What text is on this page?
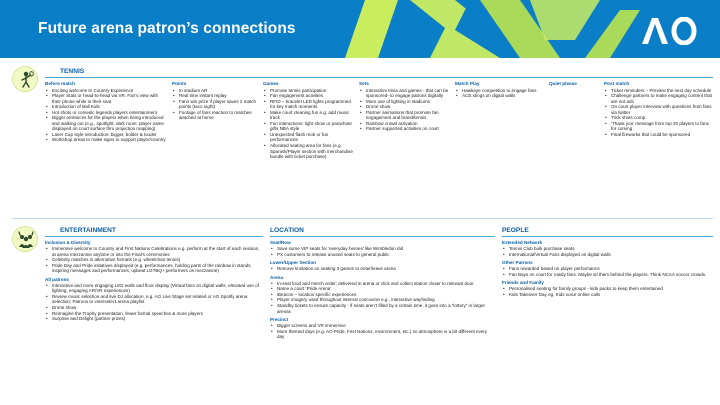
Future arena patron’s connections
TENNIS
Before match
• Exciting welcome to Country Experience
• Player Stats or head-to-head via VR. Fan’s view with their phone while in their seat
• Introduction of Ball Kids
• Hot shots or comedic legends players entertainment
• Bigger entrances for the players when being introduced and walking out (e.g., spotlight, dark room; player name displayed on court surface thru projection mapping)
• Laver Cup style introduction: bigger, bolder & louder
• Workshop areas to make signs to support player/country
Points
• In stadium AR
• Real time instant replay
• Fans win prize if player saves 2 match points (taco night)
• Footage of fans reaction to matches watched at home
Games
• Promote tennis participation
• Fan engagement activities
• RFID – bracelet LED lights programmed for key match moments
• Make court cleaning fun e.g. add music track
• Fun interactions: light show or parachute gifts NBA style
• Unexpected flash mob or fun performances
• Allocated seating area for fans (e.g. Spanish/Player section with merchandise bundle with ticket purchase)
Sets
• Interactive trivia and games - that can be sponsored- to engage patrons digitally
• More use of lighting in stadiums
• Drone show
• Partner animations that promote fan engagement and brand/tennis
• Rainbow crowd activation
• Partner supported activities on court
Match Play
• Hawkeye competition to engage fans
• ACE stings on digital walls
Quiet please	Post match
• Ticket reminders – Preview the next day schedule
• Challenge partners to make engaging content that are not ads
• On court player interview with questions from fans via twitter
• Trick shots comp.
• ‘Thank you’ message from top 20 players to fans for coming
• Final fireworks that could be sponsored
ENTERTAINMENT
Inclusion & Diversity
• Immersive welcome to Country and First Nations Celebrations e.g. perform at the start of each session, at arena mezzanine anytime or into the Final’s ceremonies
• Celebrity matches in alternative formats (e.g. wheelchair tennis)
• Pride Day and Pride initiatives displayed (e.g. performances, holding parts of the rainbow in stands, inspiring messages and performances; upbeat LGTBQ+ performers on mezzanine)
All patrons
• Interactive and more engaging LED walls and floor display (Virtual fans on digital walls, elevated use of lighting, engaging AR/VR experiences)
• Review music selection and live DJ allocation, e.g. AO Live Stage set related or AO Spotify arena selection; Patrons to vote/select arena playlist
• Drone show
• Reimagine the Trophy presentation, fewer formal speeches & more players
• Surprise and Delight (partner prizes)
LOCATION
Seat/Row
• Save some VIP seats for ‘everyday heroes’ like Wimbledon did
• PX customers to release unused seats to general public
Lower/Upper Section
• Remove limitation on seating 3 games to enter/leave arena
Arena
• In-seat food and merch order; delivered in arena or click and collect station closer to relevant door
• Name a court ‘Pride Arena’
• iBeacon – location specific experiences
• Player imagery used throughout internal concourse e.g., interactive wayfinding
• Standby tickets to ensure capacity - if seats aren’t filled by a certain time, it goes into a “lottery” in larger arenas
Precinct
• Bigger screens and VR immersive
• More themed days (e.g. AO Pride, First Nations, environment, etc.) so atmosphere is a bit different every day
PEOPLE
Extended Network
• Tennis Club bulk purchase seats
• International/Virtual Fans displayed on digital walls
Other Patrons
• Fans rewarded based on player performance
• Fan Bays on court for rowdy fans. Maybe sit them behind the players. Think NCAA soccer crowds.
Friends and Family
• Personalised seating for family groups - kids packs to keep them entertained
• Kids Takeover Day eg. Kids voice online calls
